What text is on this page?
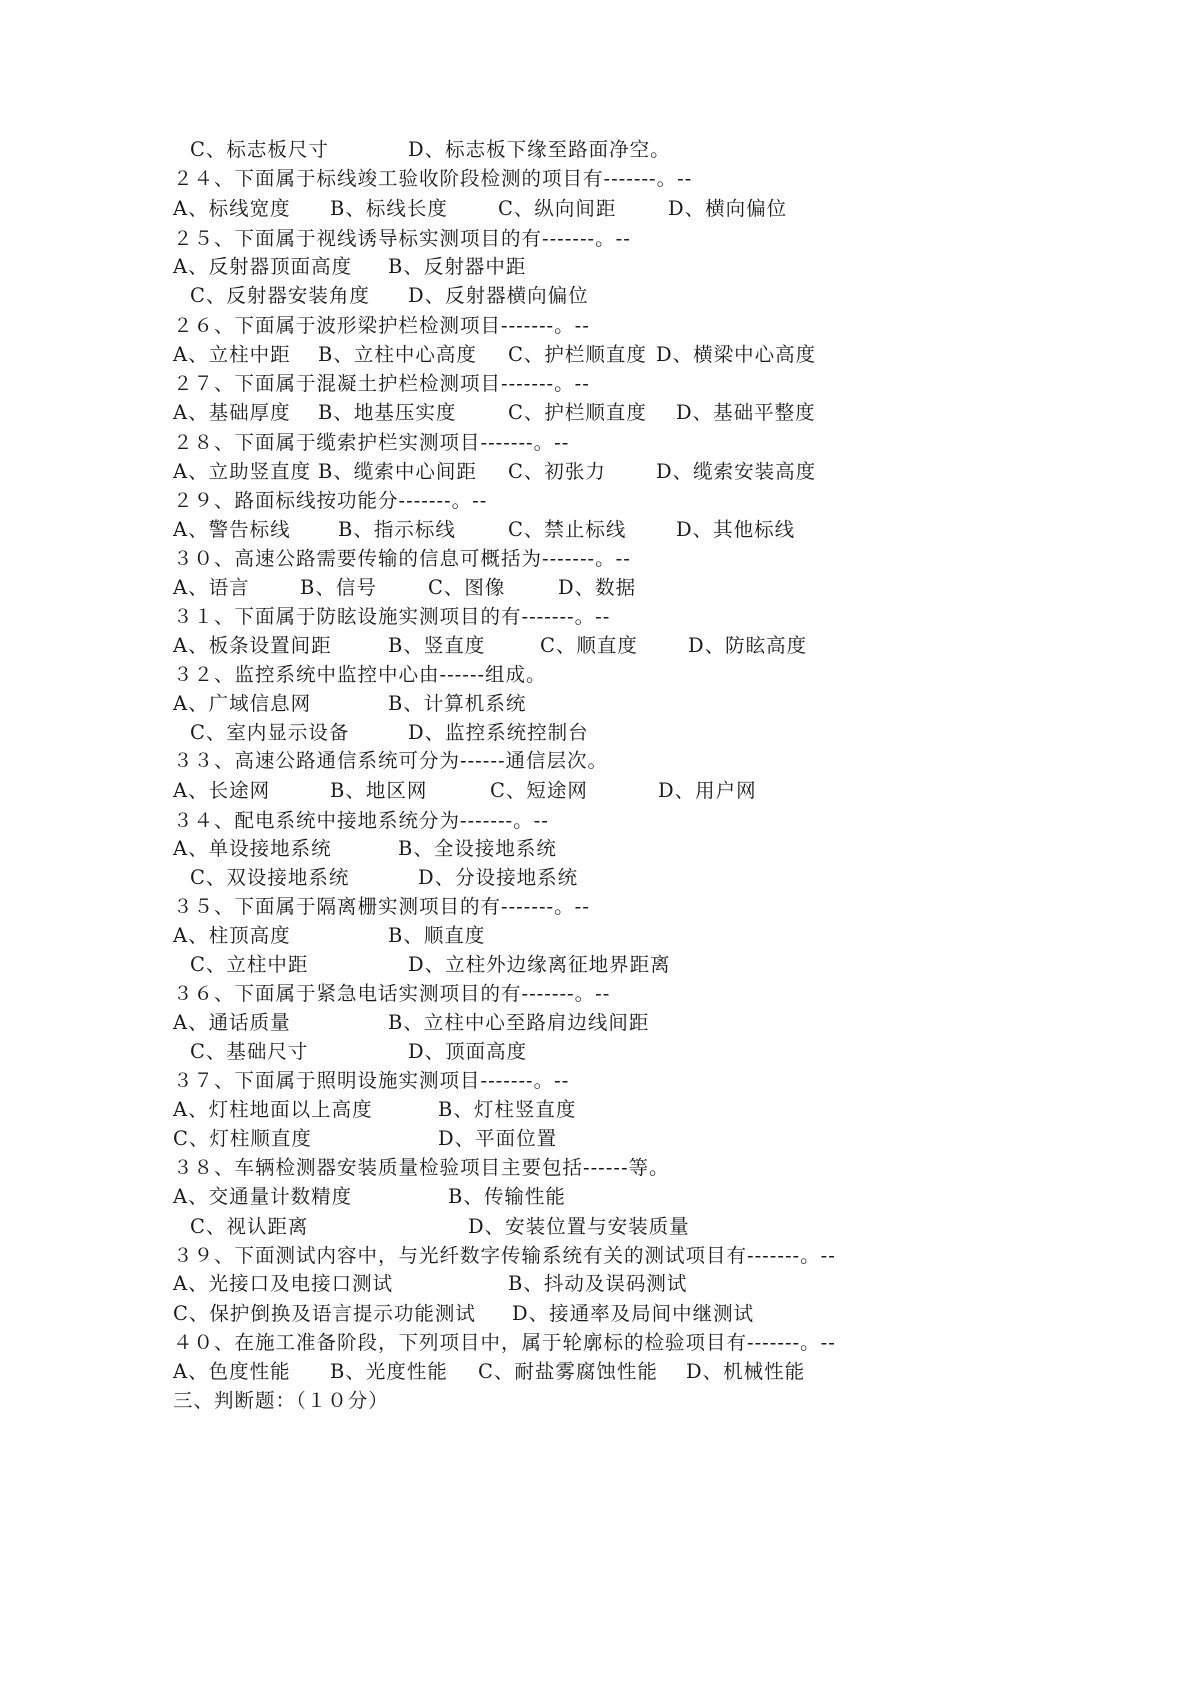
C、标志板尺寸	D、标志板下缘至路面净空。
２４、下面属于标线竣工验收阶段检测的项目有-------。--
A、标线宽度 B、标线长度	C、纵向间距	D、横向偏位
２５、下面属于视线诱导标实测项目的有-------。--
A、反射器顶面高度 B、反射器中距
C、反射器安装角度 D、反射器横向偏位
２６、下面属于波形梁护栏检测项目-------。--
A、立柱中距 B、立柱中心高度 C、护栏顺直度 D、横梁中心高度
２７、下面属于混凝土护栏检测项目-------。--
A、基础厚度 B、地基压实度	C、护栏顺直度 D、基础平整度
２８、下面属于缆索护栏实测项目-------。--
A、立助竖直度 B、缆索中心间距 C、初张力	D、缆索安装高度
２９、路面标线按功能分-------。--
A、警告标线 B、指示标线	C、禁止标线	D、其他标线
３０、高速公路需要传输的信息可概括为-------。--
A、语言	B、信号	C、图像	D、数据
３１、下面属于防眩设施实测项目的有-------。--
A、板条设置间距	B、竖直度	C、顺直度	D、防眩高度
３２、监控系统中监控中心由------组成。
A、广域信息网	B、计算机系统
C、室内显示设备	D、监控系统控制台
３３、高速公路通信系统可分为------通信层次。
A、长途网	B、地区网	C、短途网	D、用户网
３４、配电系统中接地系统分为-------。--
A、单设接地系统	B、全设接地系统
C、双设接地系统	D、分设接地系统
３５、下面属于隔离栅实测项目的有-------。--
A、柱顶高度	B、顺直度
C、立柱中距	D、立柱外边缘离征地界距离
３６、下面属于紧急电话实测项目的有-------。--
A、通话质量	B、立柱中心至路肩边线间距
C、基础尺寸	D、顶面高度
３７、下面属于照明设施实测项目-------。--
A、灯柱地面以上高度	B、灯柱竖直度
C、灯柱顺直度	D、平面位置
３８、车辆检测器安装质量检验项目主要包括------等。
A、交通量计数精度	B、传输性能
C、视认距离	D、安装位置与安装质量
３９、下面测试内容中，与光纤数字传输系统有关的测试项目有-------。--
A、光接口及电接口测试	B、抖动及误码测试
C、保护倒换及语言提示功能测试 D、接通率及局间中继测试
４０、在施工准备阶段，下列项目中，属于轮廓标的检验项目有-------。--
A、色度性能 B、光度性能 C、耐盐雾腐蚀性能 D、机械性能
三、判断题：（１０分）
